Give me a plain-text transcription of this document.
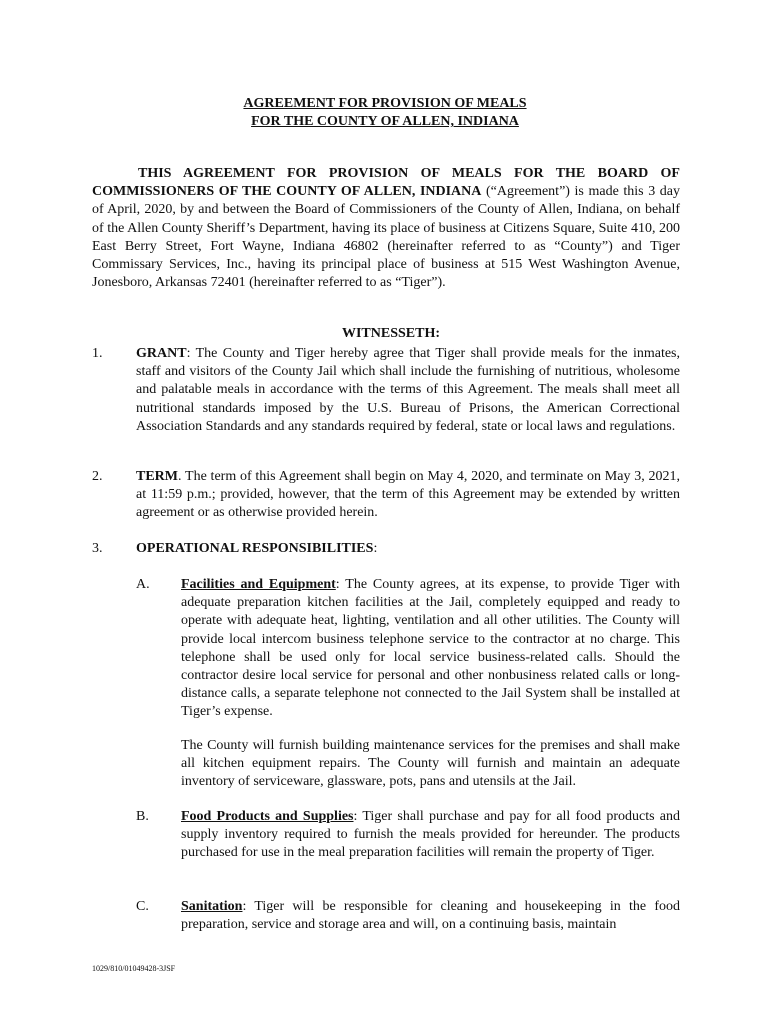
AGREEMENT FOR PROVISION OF MEALS
FOR THE COUNTY OF ALLEN, INDIANA

THIS AGREEMENT FOR PROVISION OF MEALS FOR THE BOARD OF COMMISSIONERS OF THE COUNTY OF ALLEN, INDIANA (“Agreement”) is made this 3 day of April, 2020, by and between the Board of Commissioners of the County of Allen, Indiana, on behalf of the Allen County Sheriff’s Department, having its place of business at Citizens Square, Suite 410, 200 East Berry Street, Fort Wayne, Indiana 46802 (hereinafter referred to as “County”) and Tiger Commissary Services, Inc., having its principal place of business at 515 West Washington Avenue, Jonesboro, Arkansas 72401 (hereinafter referred to as “Tiger”).

WITNESSETH:
1. GRANT: The County and Tiger hereby agree that Tiger shall provide meals for the inmates, staff and visitors of the County Jail which shall include the furnishing of nutritious, wholesome and palatable meals in accordance with the terms of this Agreement. The meals shall meet all nutritional standards imposed by the U.S. Bureau of Prisons, the American Correctional Association Standards and any standards required by federal, state or local laws and regulations.

2. TERM. The term of this Agreement shall begin on May 4, 2020, and terminate on May 3, 2021, at 11:59 p.m.; provided, however, that the term of this Agreement may be extended by written agreement or as otherwise provided herein.

3. OPERATIONAL RESPONSIBILITIES:

A. Facilities and Equipment: The County agrees, at its expense, to provide Tiger with adequate preparation kitchen facilities at the Jail, completely equipped and ready to operate with adequate heat, lighting, ventilation and all other utilities. The County will provide local intercom business telephone service to the contractor at no charge. This telephone shall be used only for local service business-related calls. Should the contractor desire local service for personal and other nonbusiness related calls or long-distance calls, a separate telephone not connected to the Jail System shall be installed at Tiger’s expense.

The County will furnish building maintenance services for the premises and shall make all kitchen equipment repairs. The County will furnish and maintain an adequate inventory of serviceware, glassware, pots, pans and utensils at the Jail.

B. Food Products and Supplies: Tiger shall purchase and pay for all food products and supply inventory required to furnish the meals provided for hereunder. The products purchased for use in the meal preparation facilities will remain the property of Tiger.

C. Sanitation: Tiger will be responsible for cleaning and housekeeping in the food preparation, service and storage area and will, on a continuing basis, maintain

1029/810/01049428-3JSF
